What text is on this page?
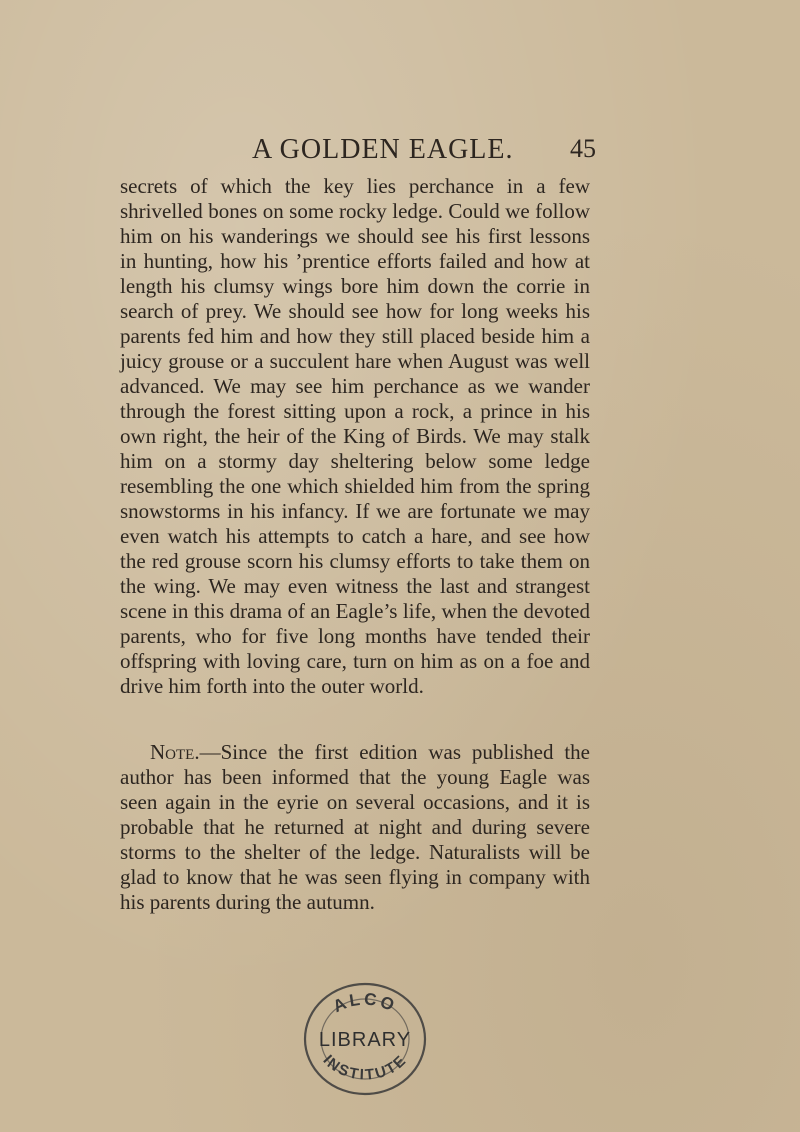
A GOLDEN EAGLE. 45

secrets of which the key lies perchance in a few shrivelled bones on some rocky ledge. Could we follow him on his wanderings we should see his first lessons in hunting, how his ’prentice efforts failed and how at length his clumsy wings bore him down the corrie in search of prey. We should see how for long weeks his parents fed him and how they still placed beside him a juicy grouse or a succulent hare when August was well advanced. We may see him perchance as we wander through the forest sitting upon a rock, a prince in his own right, the heir of the King of Birds. We may stalk him on a stormy day sheltering below some ledge resembling the one which shielded him from the spring snowstorms in his infancy. If we are fortunate we may even watch his attempts to catch a hare, and see how the red grouse scorn his clumsy efforts to take them on the wing. We may even witness the last and strangest scene in this drama of an Eagle’s life, when the devoted parents, who for five long months have tended their offspring with loving care, turn on him as on a foe and drive him forth into the outer world.

Note.—Since the first edition was published the author has been informed that the young Eagle was seen again in the eyrie on several occasions, and it is probable that he returned at night and during severe storms to the shelter of the ledge. Naturalists will be glad to know that he was seen flying in company with his parents during the autumn.

ALCO
LIBRARY
INSTITUTE
